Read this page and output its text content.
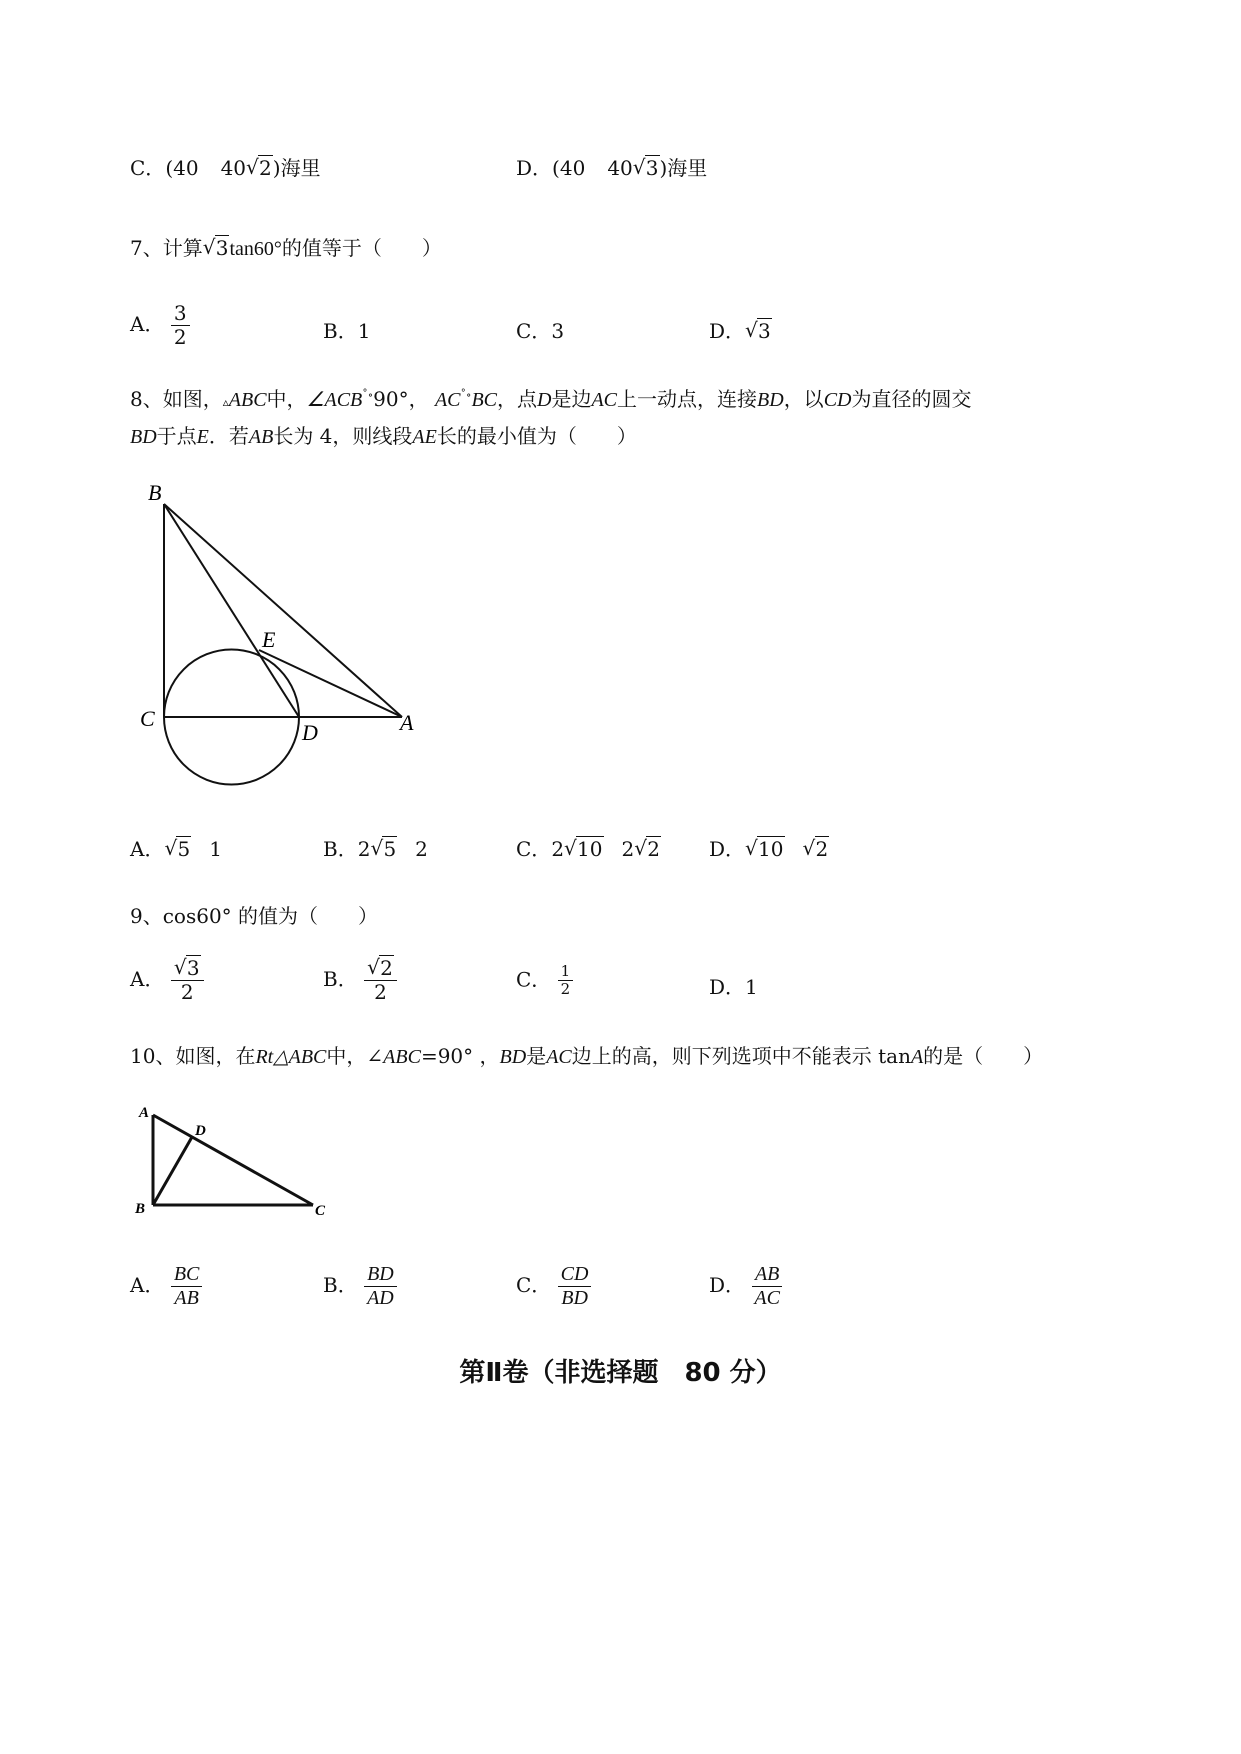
C．(40 40 √ 2)海里	D．(40 40 √ 3)海里
7、计算 √ 3tan60°的值等于（　　）
A． $\frac{3}{2}$	B．1	C．3	D． √ 3
8、如图，▵ABC中，∠ACB˚∘90°， AC˚∘BC，点D是边AC上一动点，连接BD，以CD为直径的圆交
BD于点E．若AB长为 4，则线段AE长的最小值为（　　）
B
E
C
D	A
A． √ 5 1	B．2 √ 5 2	C．2 √ 10 2 √ 2 D． √ 10 √ 2
9、cos60° 的值为（　　）
A． √ $\frac{3}{2}$	B． √ $\frac{2}{2}$	C． $\frac{1}{2}$	D．1
10、如图，在Rt△ABC中，∠ABC=90° ，BD是AC边上的高，则下列选项中不能表示 tanA的是（　　）
A
D
B	C
A． $\frac{BC}{AB}$	B． $\frac{BD}{AD}$	C． $\frac{CD}{BD}$	D． $\frac{AB}{AC}$
第Ⅱ卷（非选择题　80 分）
